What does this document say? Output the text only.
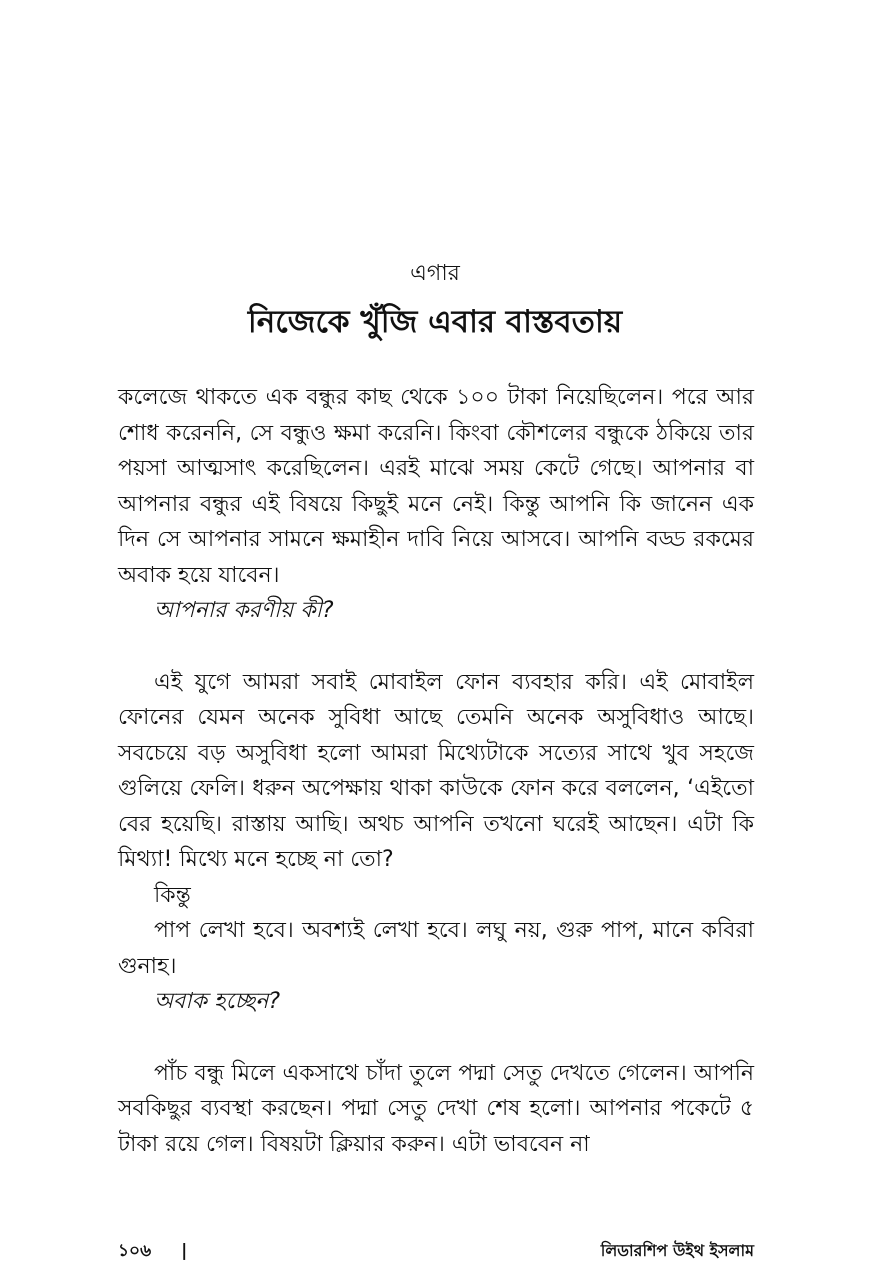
এগার
নিজেকে খুঁজি এবার বাস্তবতায়

কলেজে থাকতে এক বন্ধুর কাছ থেকে ১০০ টাকা নিয়েছিলেন। পরে আর শোধ করেননি, সে বন্ধুও ক্ষমা করেনি। কিংবা কৌশলের বন্ধুকে ঠকিয়ে তার পয়সা আত্মসাৎ করেছিলেন। এরই মাঝে সময় কেটে গেছে। আপনার বা আপনার বন্ধুর এই বিষয়ে কিছুই মনে নেই। কিন্তু আপনি কি জানেন এক দিন সে আপনার সামনে ক্ষমাহীন দাবি নিয়ে আসবে। আপনি বড্ড রকমের অবাক হয়ে যাবেন।

আপনার করণীয় কী?

এই যুগে আমরা সবাই মোবাইল ফোন ব্যবহার করি। এই মোবাইল ফোনের যেমন অনেক সুবিধা আছে তেমনি অনেক অসুবিধাও আছে। সবচেয়ে বড় অসুবিধা হলো আমরা মিথ্যেটাকে সত্যের সাথে খুব সহজে গুলিয়ে ফেলি। ধরুন অপেক্ষায় থাকা কাউকে ফোন করে বললেন, ‘এইতো বের হয়েছি। রাস্তায় আছি। অথচ আপনি তখনো ঘরেই আছেন। এটা কি মিথ্যা! মিথ্যে মনে হচ্ছে না তো?

কিন্তু

পাপ লেখা হবে। অবশ্যই লেখা হবে। লঘু নয়, গুরু পাপ, মানে কবিরা গুনাহ।

অবাক হচ্ছেন?

পাঁচ বন্ধু মিলে একসাথে চাঁদা তুলে পদ্মা সেতু দেখতে গেলেন। আপনি সবকিছুর ব্যবস্থা করছেন। পদ্মা সেতু দেখা শেষ হলো। আপনার পকেটে ৫ টাকা রয়ে গেল। বিষয়টা ক্লিয়ার করুন। এটা ভাববেন না

১০৬ |	লিডারশিপ উইথ ইসলাম
